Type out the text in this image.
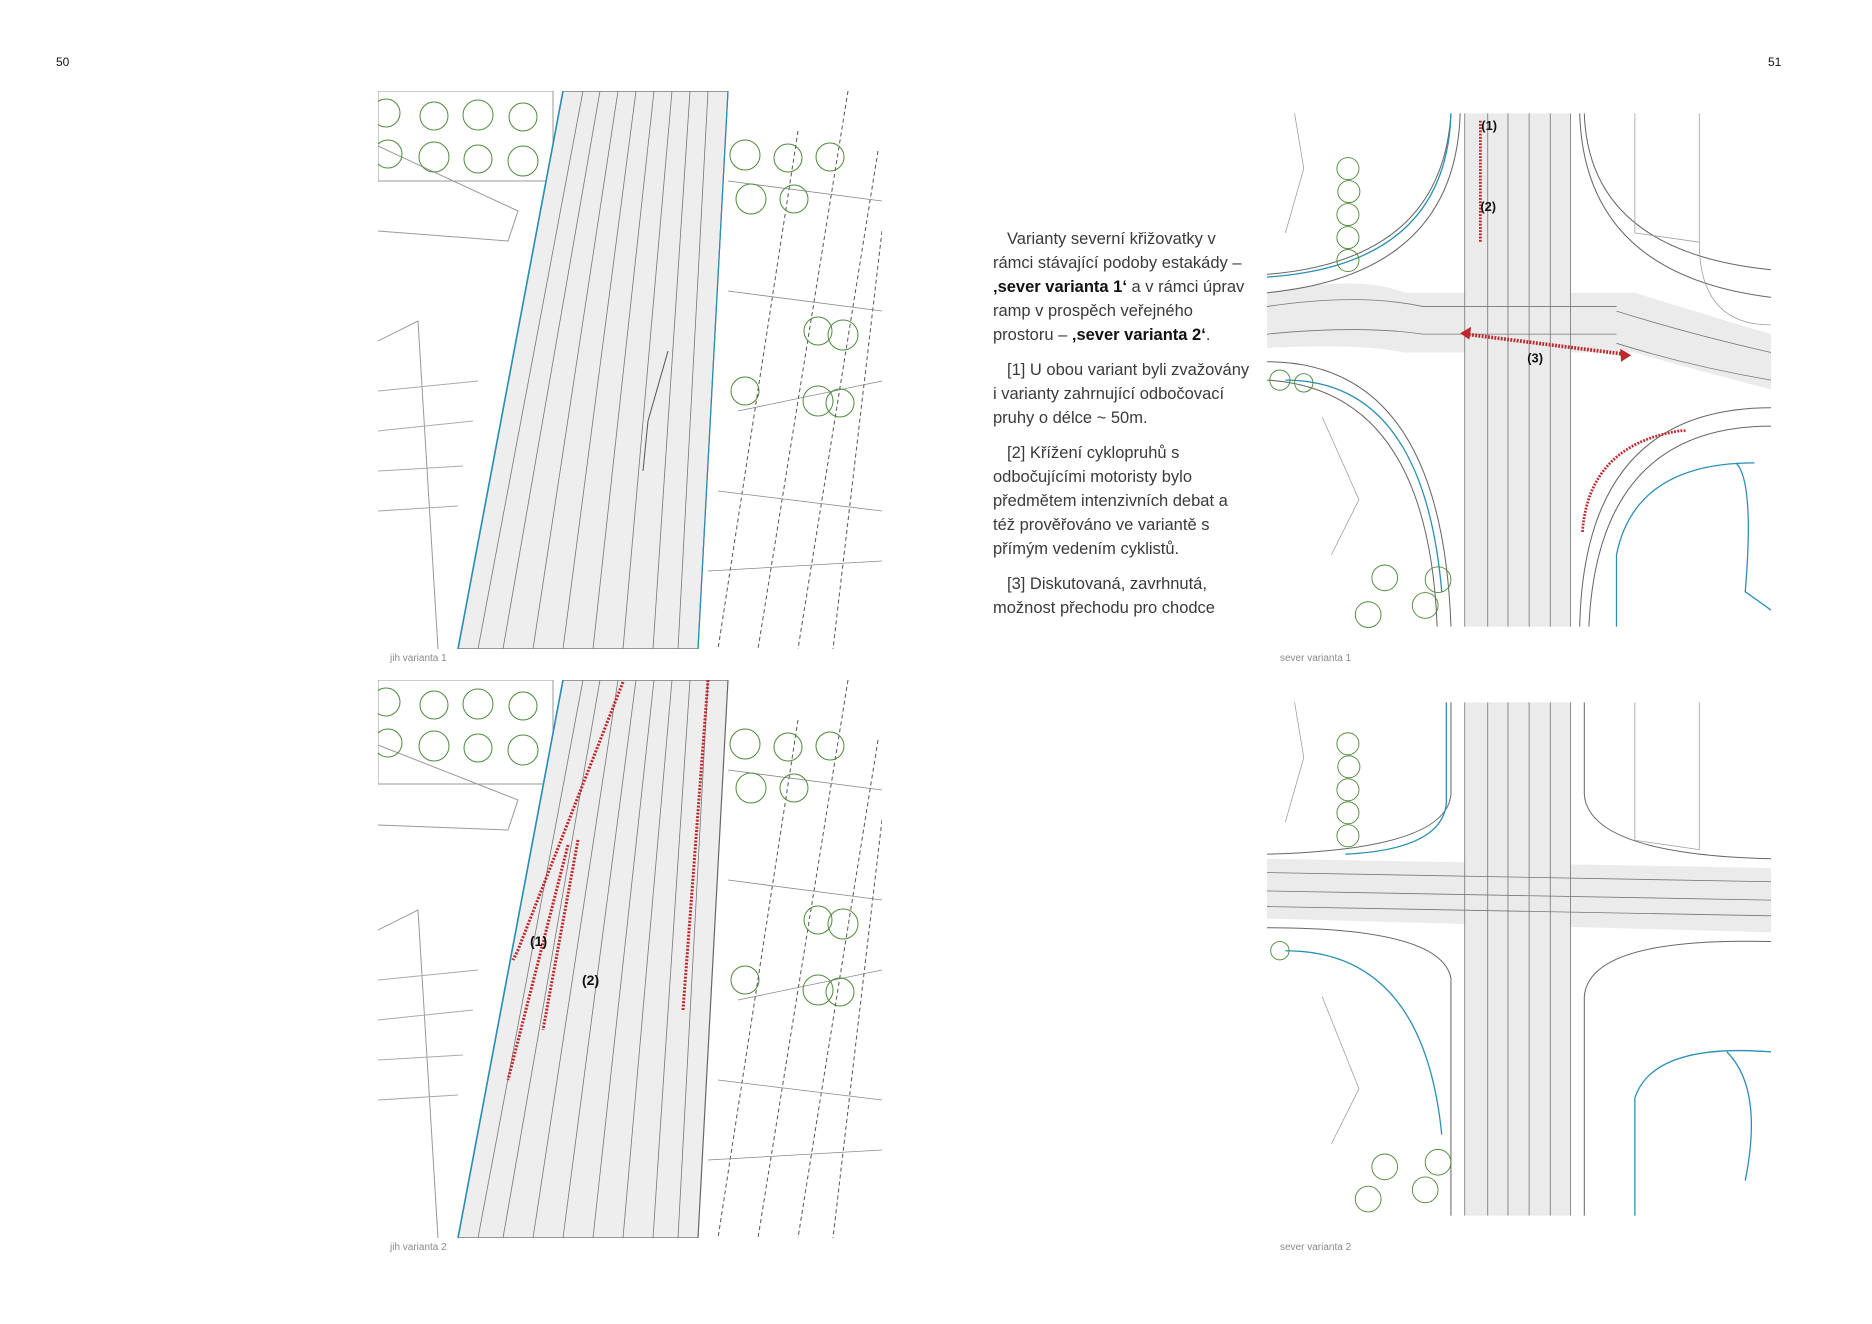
50	51
jih varianta 1
(1)
(2)
jih varianta 2

Varianty severní křižovatky v rámci stávající podoby estakády – ‚sever varianta 1‘ a v rámci úprav ramp v prospěch veřejného prostoru – ‚sever varianta 2‘.

[1] U obou variant byli zvažovány i varianty zahrnující odbočovací pruhy o délce ~ 50m.

[2] Křížení cyklopruhů s odbočujícími motoristy bylo předmětem intenzivních debat a též prověřováno ve variantě s přímým vedením cyklistů.

[3] Diskutovaná, zavrhnutá, možnost přechodu pro chodce

(1)
(2)
(3)
sever varianta 1
sever varianta 2
